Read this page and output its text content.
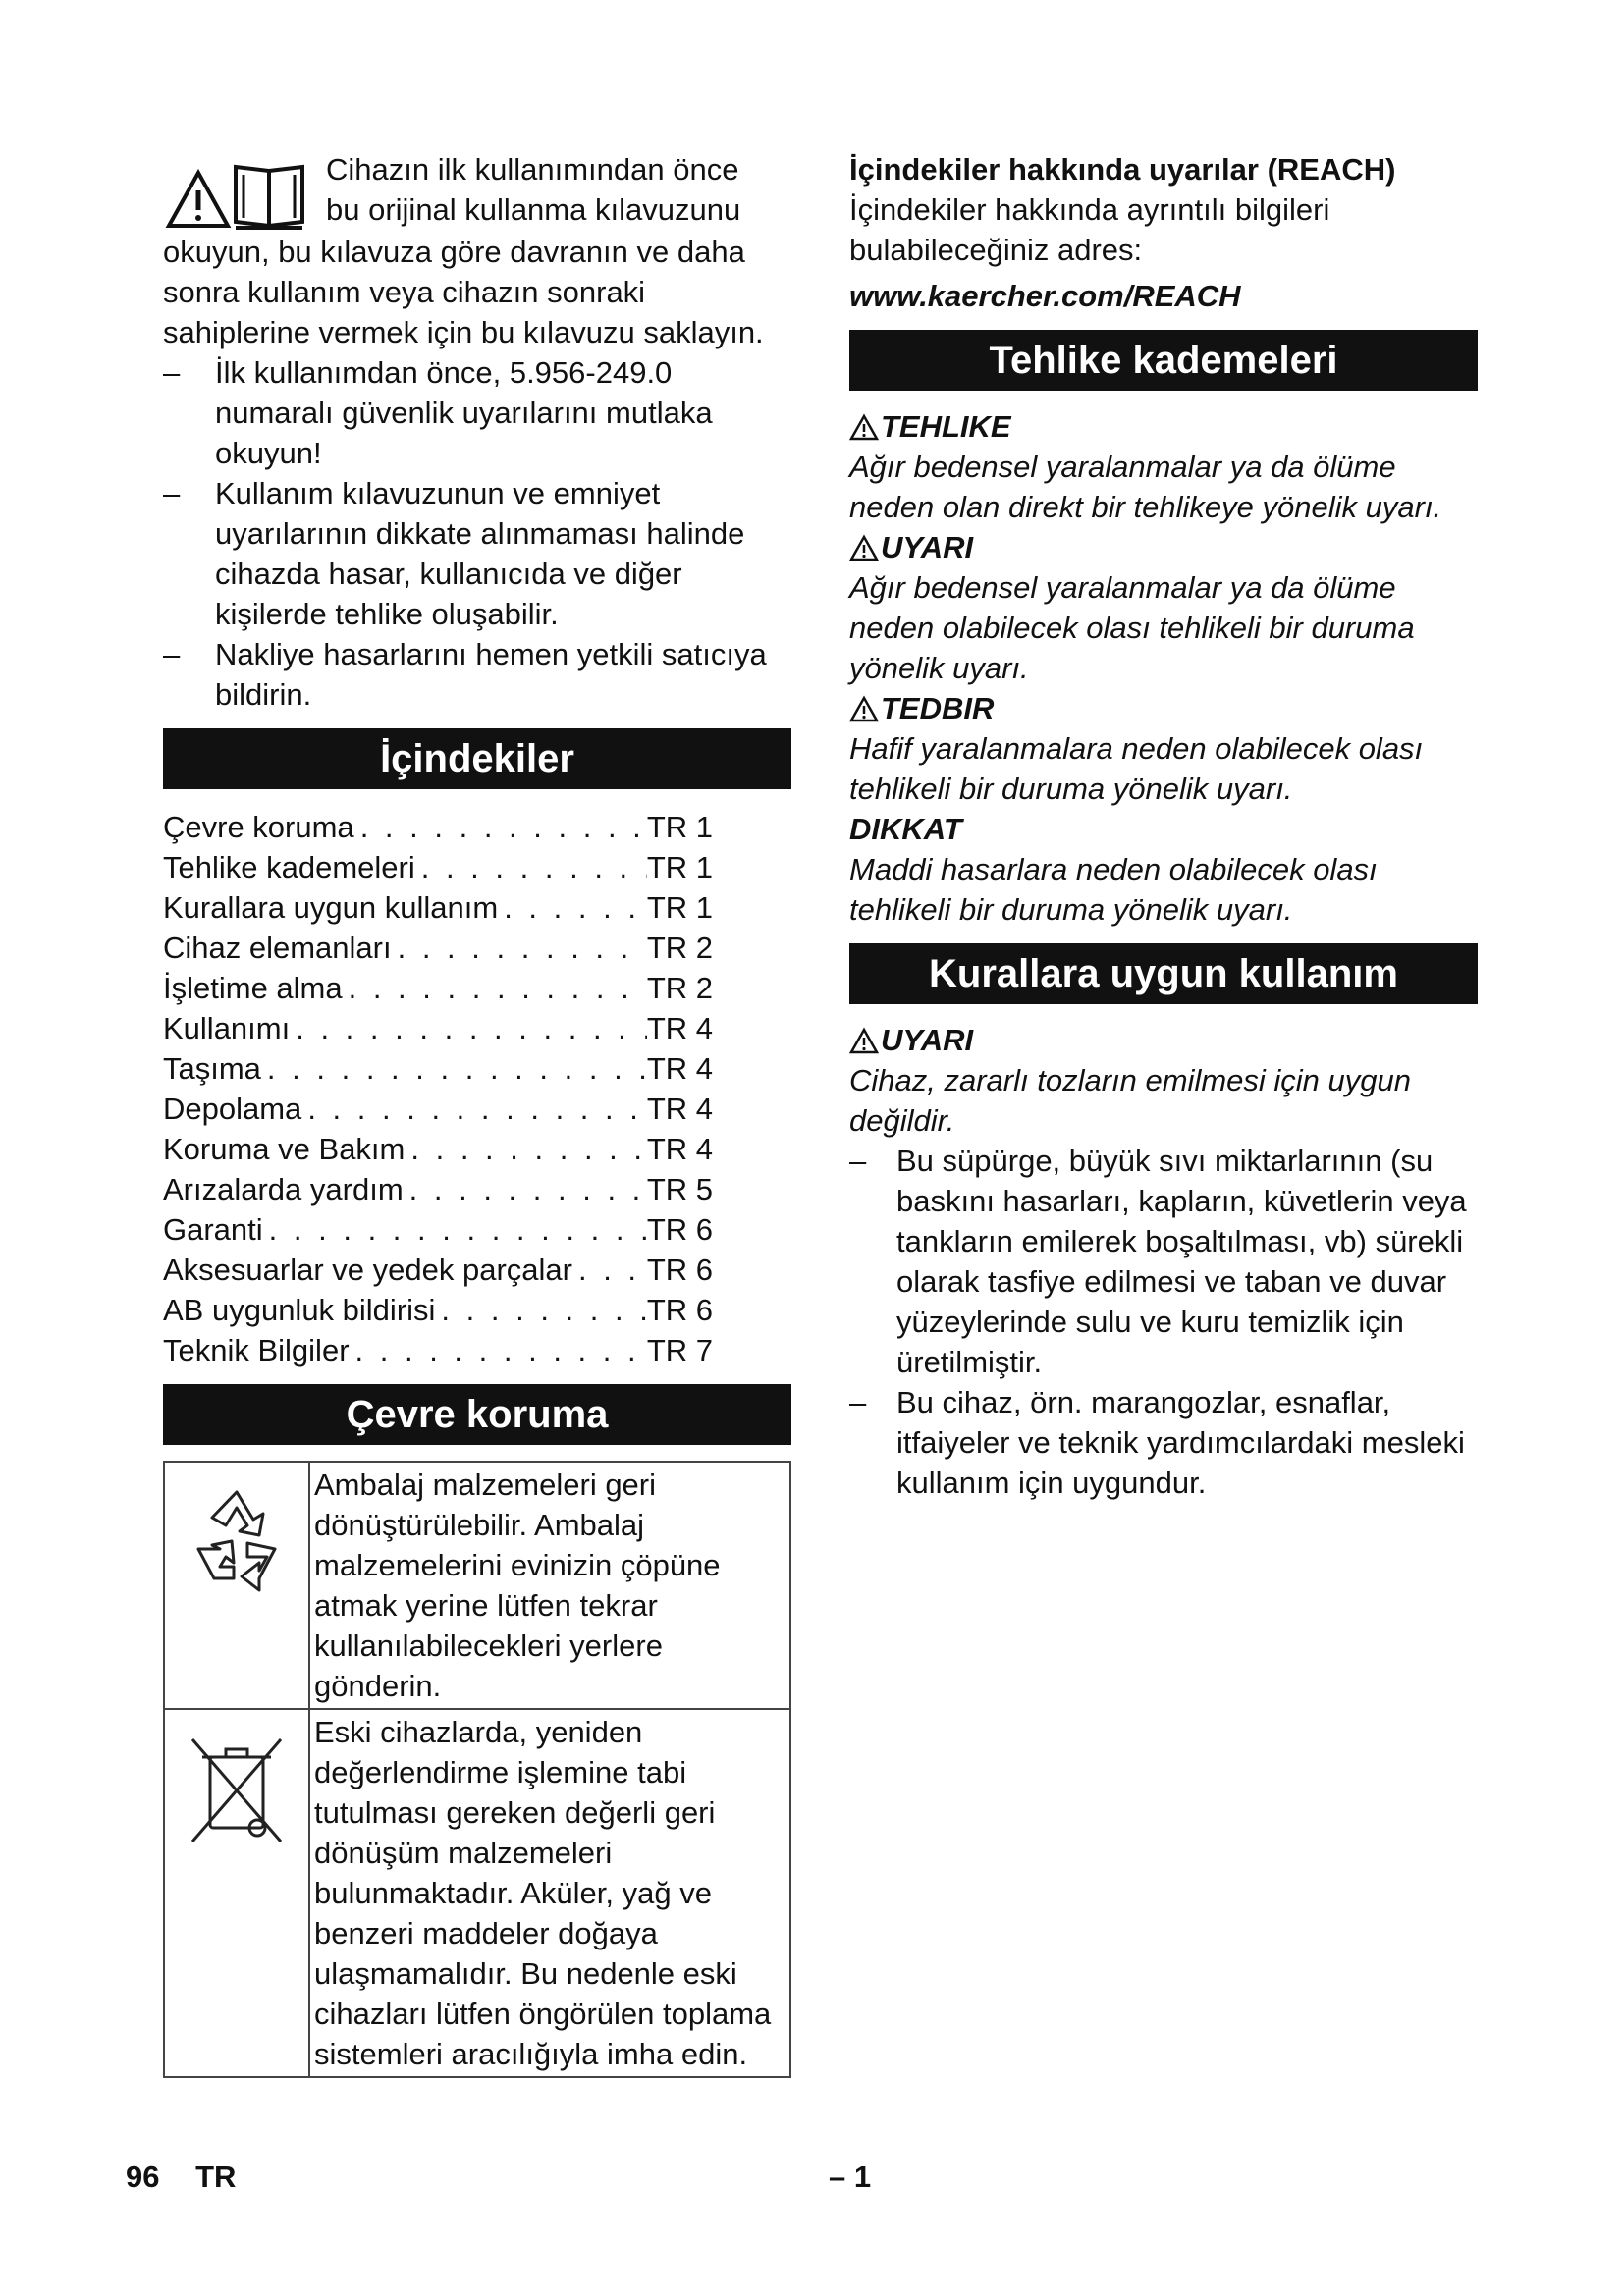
Cihazın ilk kullanımından önce

bu orijinal kullanma kılavuzunu

okuyun, bu kılavuza göre davranın ve daha sonra kullanım veya cihazın sonraki sahiplerine vermek için bu kılavuzu saklayın.

– İlk kullanımdan önce, 5.956-249.0 numaralı güvenlik uyarılarını mutlaka okuyun!
– Kullanım kılavuzunun ve emniyet uyarılarının dikkate alınmaması halinde cihazda hasar, kullanıcıda ve diğer kişilerde tehlike oluşabilir.
– Nakliye hasarlarını hemen yetkili satıcıya bildirin.
İçindekiler
Çevre koruma . . .	TR 1
Tehlike kademeleri . . .	TR 1
Kurallara uygun kullanım . . .	TR 1
Cihaz elemanları . . .	TR 2
İşletime alma . . .	TR 2
Kullanımı . . .	TR 4
Taşıma . . .	TR 4
Depolama . . .	TR 4
Koruma ve Bakım . . .	TR 4
Arızalarda yardım . . .	TR 5
Garanti . . .	TR 6
Aksesuarlar ve yedek parçalar . . . TR 6
AB uygunluk bildirisi . . .	TR 6
Teknik Bilgiler . . .	TR 7
Çevre koruma
	Ambalaj malzemeleri geri dönüştürülebilir. Ambalaj malzemelerini evinizin çöpüne atmak yerine lütfen tekrar kullanılabilecekleri yerlere gönderin.
	Eski cihazlarda, yeniden değerlendirme işlemine tabi tutulması gereken değerli geri dönüşüm malzemeleri bulunmaktadır. Aküler, yağ ve benzeri maddeler doğaya ulaşmamalıdır. Bu nedenle eski cihazları lütfen öngörülen toplama sistemleri aracılığıyla imha edin.

İçindekiler hakkında uyarılar (REACH)

İçindekiler hakkında ayrıntılı bilgileri bulabileceğiniz adres:

www.kaercher.com/REACH

Tehlike kademeleri
TEHLIKE

Ağır bedensel yaralanmalar ya da ölüme neden olan direkt bir tehlikeye yönelik uyarı.

UYARI

Ağır bedensel yaralanmalar ya da ölüme neden olabilecek olası tehlikeli bir duruma yönelik uyarı.

TEDBIR

Hafif yaralanmalara neden olabilecek olası tehlikeli bir duruma yönelik uyarı.

DIKKAT

Maddi hasarlara neden olabilecek olası tehlikeli bir duruma yönelik uyarı.

Kurallara uygun kullanım
UYARI

Cihaz, zararlı tozların emilmesi için uygun değildir.

– Bu süpürge, büyük sıvı miktarlarının (su baskını hasarları, kapların, küvetlerin veya tankların emilerek boşaltılması, vb) sürekli olarak tasfiye edilmesi ve taban ve duvar yüzeylerinde sulu ve kuru temizlik için üretilmiştir.
– Bu cihaz, örn. marangozlar, esnaflar, itfaiyeler ve teknik yardımcılardaki mesleki kullanım için uygundur.
96 TR	– 1
